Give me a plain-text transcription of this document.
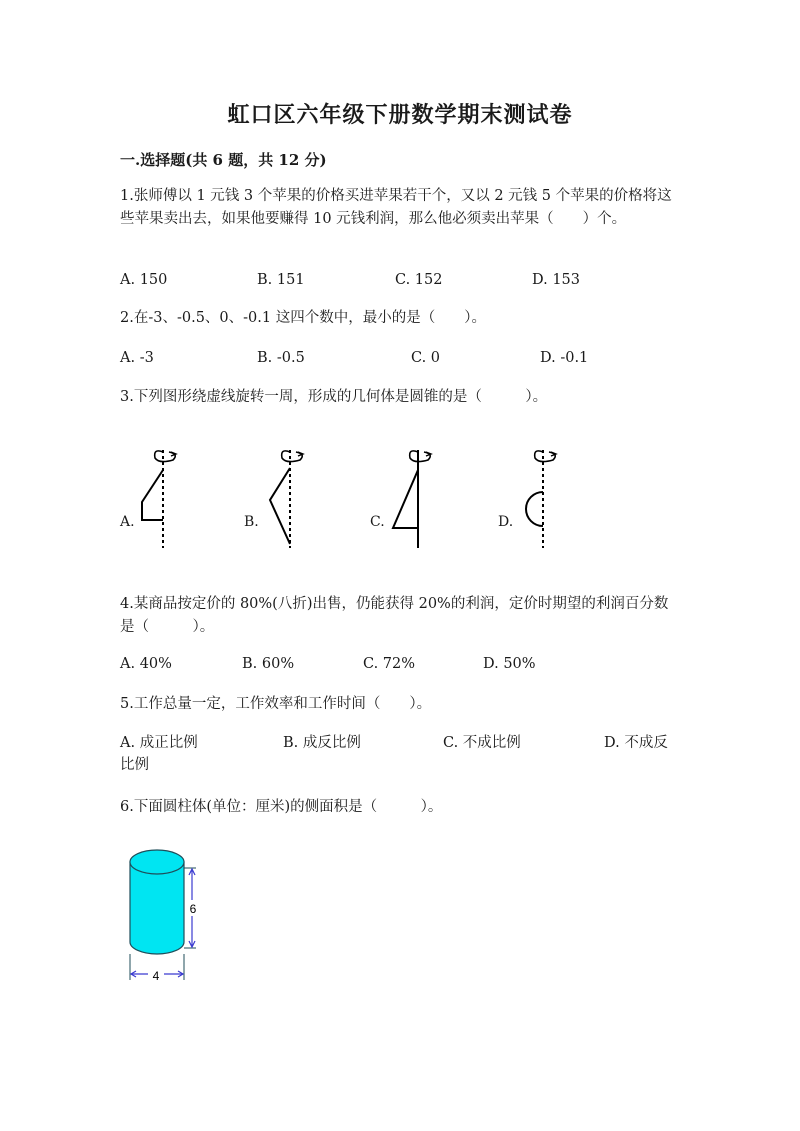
虹口区六年级下册数学期末测试卷
一.选择题(共 6 题，共 12 分)
1.张师傅以 1 元钱 3 个苹果的价格买进苹果若干个，又以 2 元钱 5 个苹果的价格将这些苹果卖出去，如果他要赚得 10 元钱利润，那么他必须卖出苹果（　　）个。
A. 150	B. 151	C. 152	D. 153
2.在-3、-0.5、0、-0.1 这四个数中，最小的是（　　）。
A. -3	B. -0.5	C. 0	D. -0.1
3.下列图形绕虚线旋转一周，形成的几何体是圆锥的是（　　　）。
A.	B.	C.	D.
4.某商品按定价的 80%(八折)出售，仍能获得 20%的利润，定价时期望的利润百分数是（　　　）。
A. 40%	B. 60%	C. 72%	D. 50%
5.工作总量一定，工作效率和工作时间（　　）。
A. 成正比例	B. 成反比例	C. 不成比例	D. 不成反
比例
6.下面圆柱体(单位：厘米)的侧面积是（　　　）。
6
4
